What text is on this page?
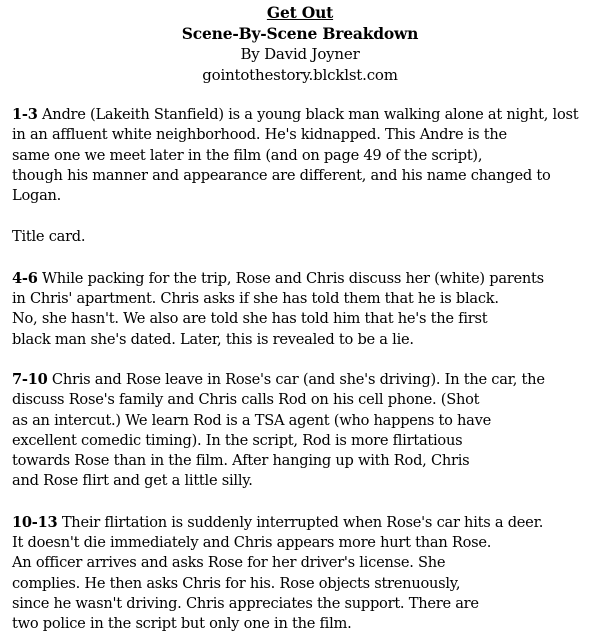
Get Out
Scene-By-Scene Breakdown
By David Joyner
gointothestory.blcklst.com

1-3 Andre (Lakeith Stanfield) is a young black man walking alone at night, lost
in an affluent white neighborhood. He's kidnapped. This Andre is the
same one we meet later in the film (and on page 49 of the script),
though his manner and appearance are different, and his name changed to
Logan.

Title card.

4-6 While packing for the trip, Rose and Chris discuss her (white) parents
in Chris' apartment. Chris asks if she has told them that he is black.
No, she hasn't. We also are told she has told him that he's the first
black man she's dated. Later, this is revealed to be a lie.

7-10 Chris and Rose leave in Rose's car (and she's driving). In the car, the
discuss Rose's family and Chris calls Rod on his cell phone. (Shot
as an intercut.) We learn Rod is a TSA agent (who happens to have
excellent comedic timing). In the script, Rod is more flirtatious
towards Rose than in the film. After hanging up with Rod, Chris
and Rose flirt and get a little silly.

10-13 Their flirtation is suddenly interrupted when Rose's car hits a deer.
It doesn't die immediately and Chris appears more hurt than Rose.
An officer arrives and asks Rose for her driver's license. She
complies. He then asks Chris for his. Rose objects strenuously,
since he wasn't driving. Chris appreciates the support. There are
two police in the script but only one in the film.
